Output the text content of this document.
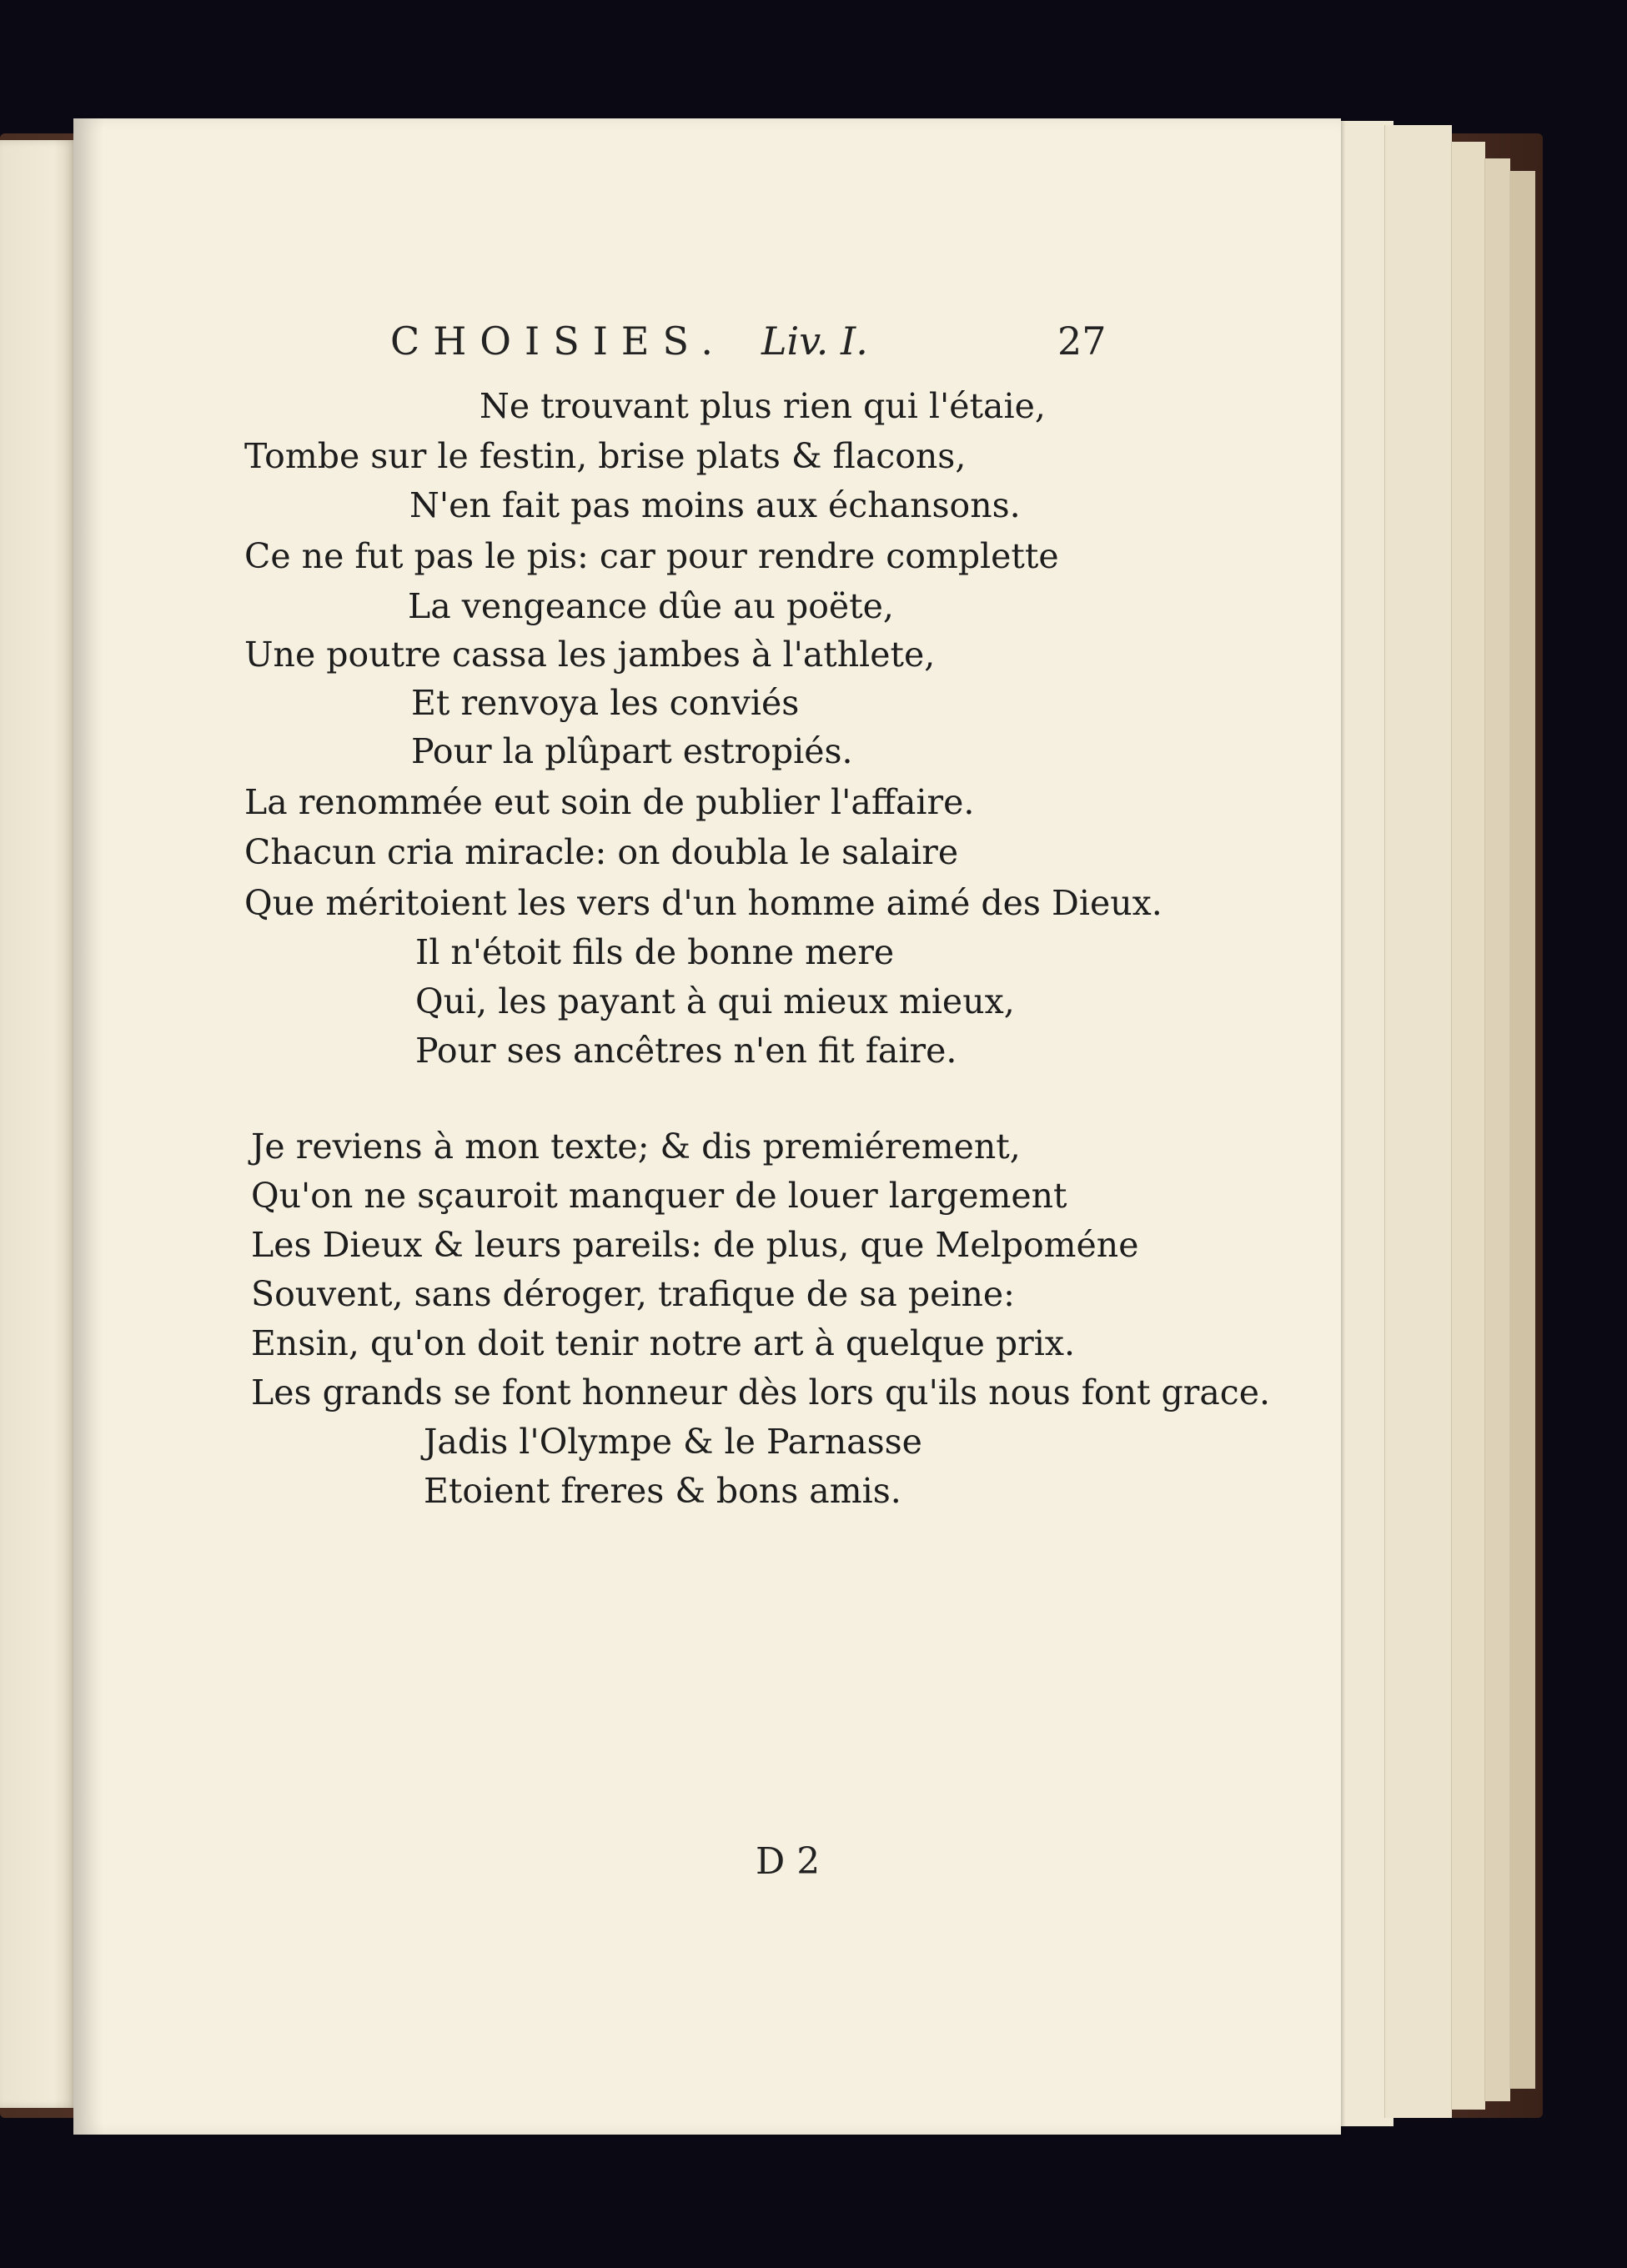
CHOISIES. Liv. I.	27
Ne trouvant plus rien qui l'étaie,
Tombe sur le festin, brise plats & flacons,
N'en fait pas moins aux échansons.
Ce ne fut pas le pis: car pour rendre complette
La vengeance dûe au poëte,
Une poutre cassa les jambes à l'athlete,
Et renvoya les conviés
Pour la plûpart estropiés.
La renommée eut soin de publier l'affaire.
Chacun cria miracle: on doubla le salaire
Que méritoient les vers d'un homme aimé des Dieux.
Il n'étoit fils de bonne mere
Qui, les payant à qui mieux mieux,
Pour ses ancêtres n'en fit faire.
Je reviens à mon texte; & dis premiérement,
Qu'on ne sçauroit manquer de louer largement
Les Dieux & leurs pareils: de plus, que Melpoméne
Souvent, sans déroger, trafique de sa peine:
Ensin, qu'on doit tenir notre art à quelque prix.
Les grands se font honneur dès lors qu'ils nous font grace.
Jadis l'Olympe & le Parnasse
Etoient freres & bons amis.
D 2
